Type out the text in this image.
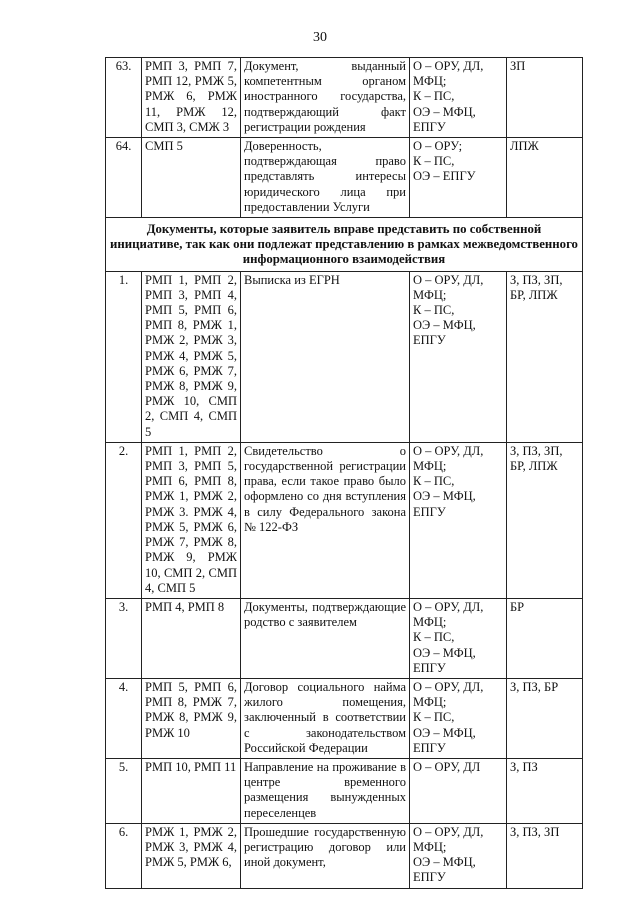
30
63.	РМП 3, РМП 7, РМП 12, РМЖ 5, РМЖ 6, РМЖ 11, РМЖ 12, СМП 3, СМЖ 3	Документ, выданный компетентным органом иностранного государства, подтверждающий факт регистрации рождения	О – ОРУ, ДЛ,
МФЦ;
К – ПС,
ОЭ – МФЦ,
ЕПГУ	ЗП
64.	СМП 5	Доверенность, подтверждающая право представлять интересы юридического лица при предоставлении Услуги	О – ОРУ;
К – ПС,
ОЭ – ЕПГУ	ЛПЖ
Документы, которые заявитель вправе представить по собственной инициативе, так как они подлежат представлению в рамках межведомственного информационного взаимодействия				
1.	РМП 1, РМП 2, РМП 3, РМП 4, РМП 5, РМП 6, РМП 8, РМЖ 1, РМЖ 2, РМЖ 3, РМЖ 4, РМЖ 5, РМЖ 6, РМЖ 7, РМЖ 8, РМЖ 9, РМЖ 10, СМП 2, СМП 4, СМП 5	Выписка из ЕГРН	О – ОРУ, ДЛ,
МФЦ;
К – ПС,
ОЭ – МФЦ,
ЕПГУ	З, ПЗ, ЗП, БР, ЛПЖ
2.	РМП 1, РМП 2, РМП 3, РМП 5, РМП 6, РМП 8, РМЖ 1, РМЖ 2, РМЖ 3. РМЖ 4, РМЖ 5, РМЖ 6, РМЖ 7, РМЖ 8, РМЖ 9, РМЖ 10, СМП 2, СМП 4, СМП 5	Свидетельство о государственной регистрации права, если такое право было оформлено со дня вступления в силу Федерального закона № 122-ФЗ	О – ОРУ, ДЛ,
МФЦ;
К – ПС,
ОЭ – МФЦ,
ЕПГУ	З, ПЗ, ЗП, БР, ЛПЖ
3.	РМП 4, РМП 8	Документы, подтверждающие родство с заявителем	О – ОРУ, ДЛ,
МФЦ;
К – ПС,
ОЭ – МФЦ,
ЕПГУ	БР
4.	РМП 5, РМП 6, РМП 8, РМЖ 7, РМЖ 8, РМЖ 9, РМЖ 10	Договор социального найма жилого помещения, заключенный в соответствии с законодательством Российской Федерации	О – ОРУ, ДЛ,
МФЦ;
К – ПС,
ОЭ – МФЦ,
ЕПГУ	З, ПЗ, БР
5.	РМП 10, РМП 11	Направление на проживание в центре временного размещения вынужденных переселенцев	О – ОРУ, ДЛ	З, ПЗ
6.	РМЖ 1, РМЖ 2, РМЖ 3, РМЖ 4, РМЖ 5, РМЖ 6,	Прошедшие государственную регистрацию договор или иной документ,	О – ОРУ, ДЛ,
МФЦ;
ОЭ – МФЦ,
ЕПГУ	З, ПЗ, ЗП
